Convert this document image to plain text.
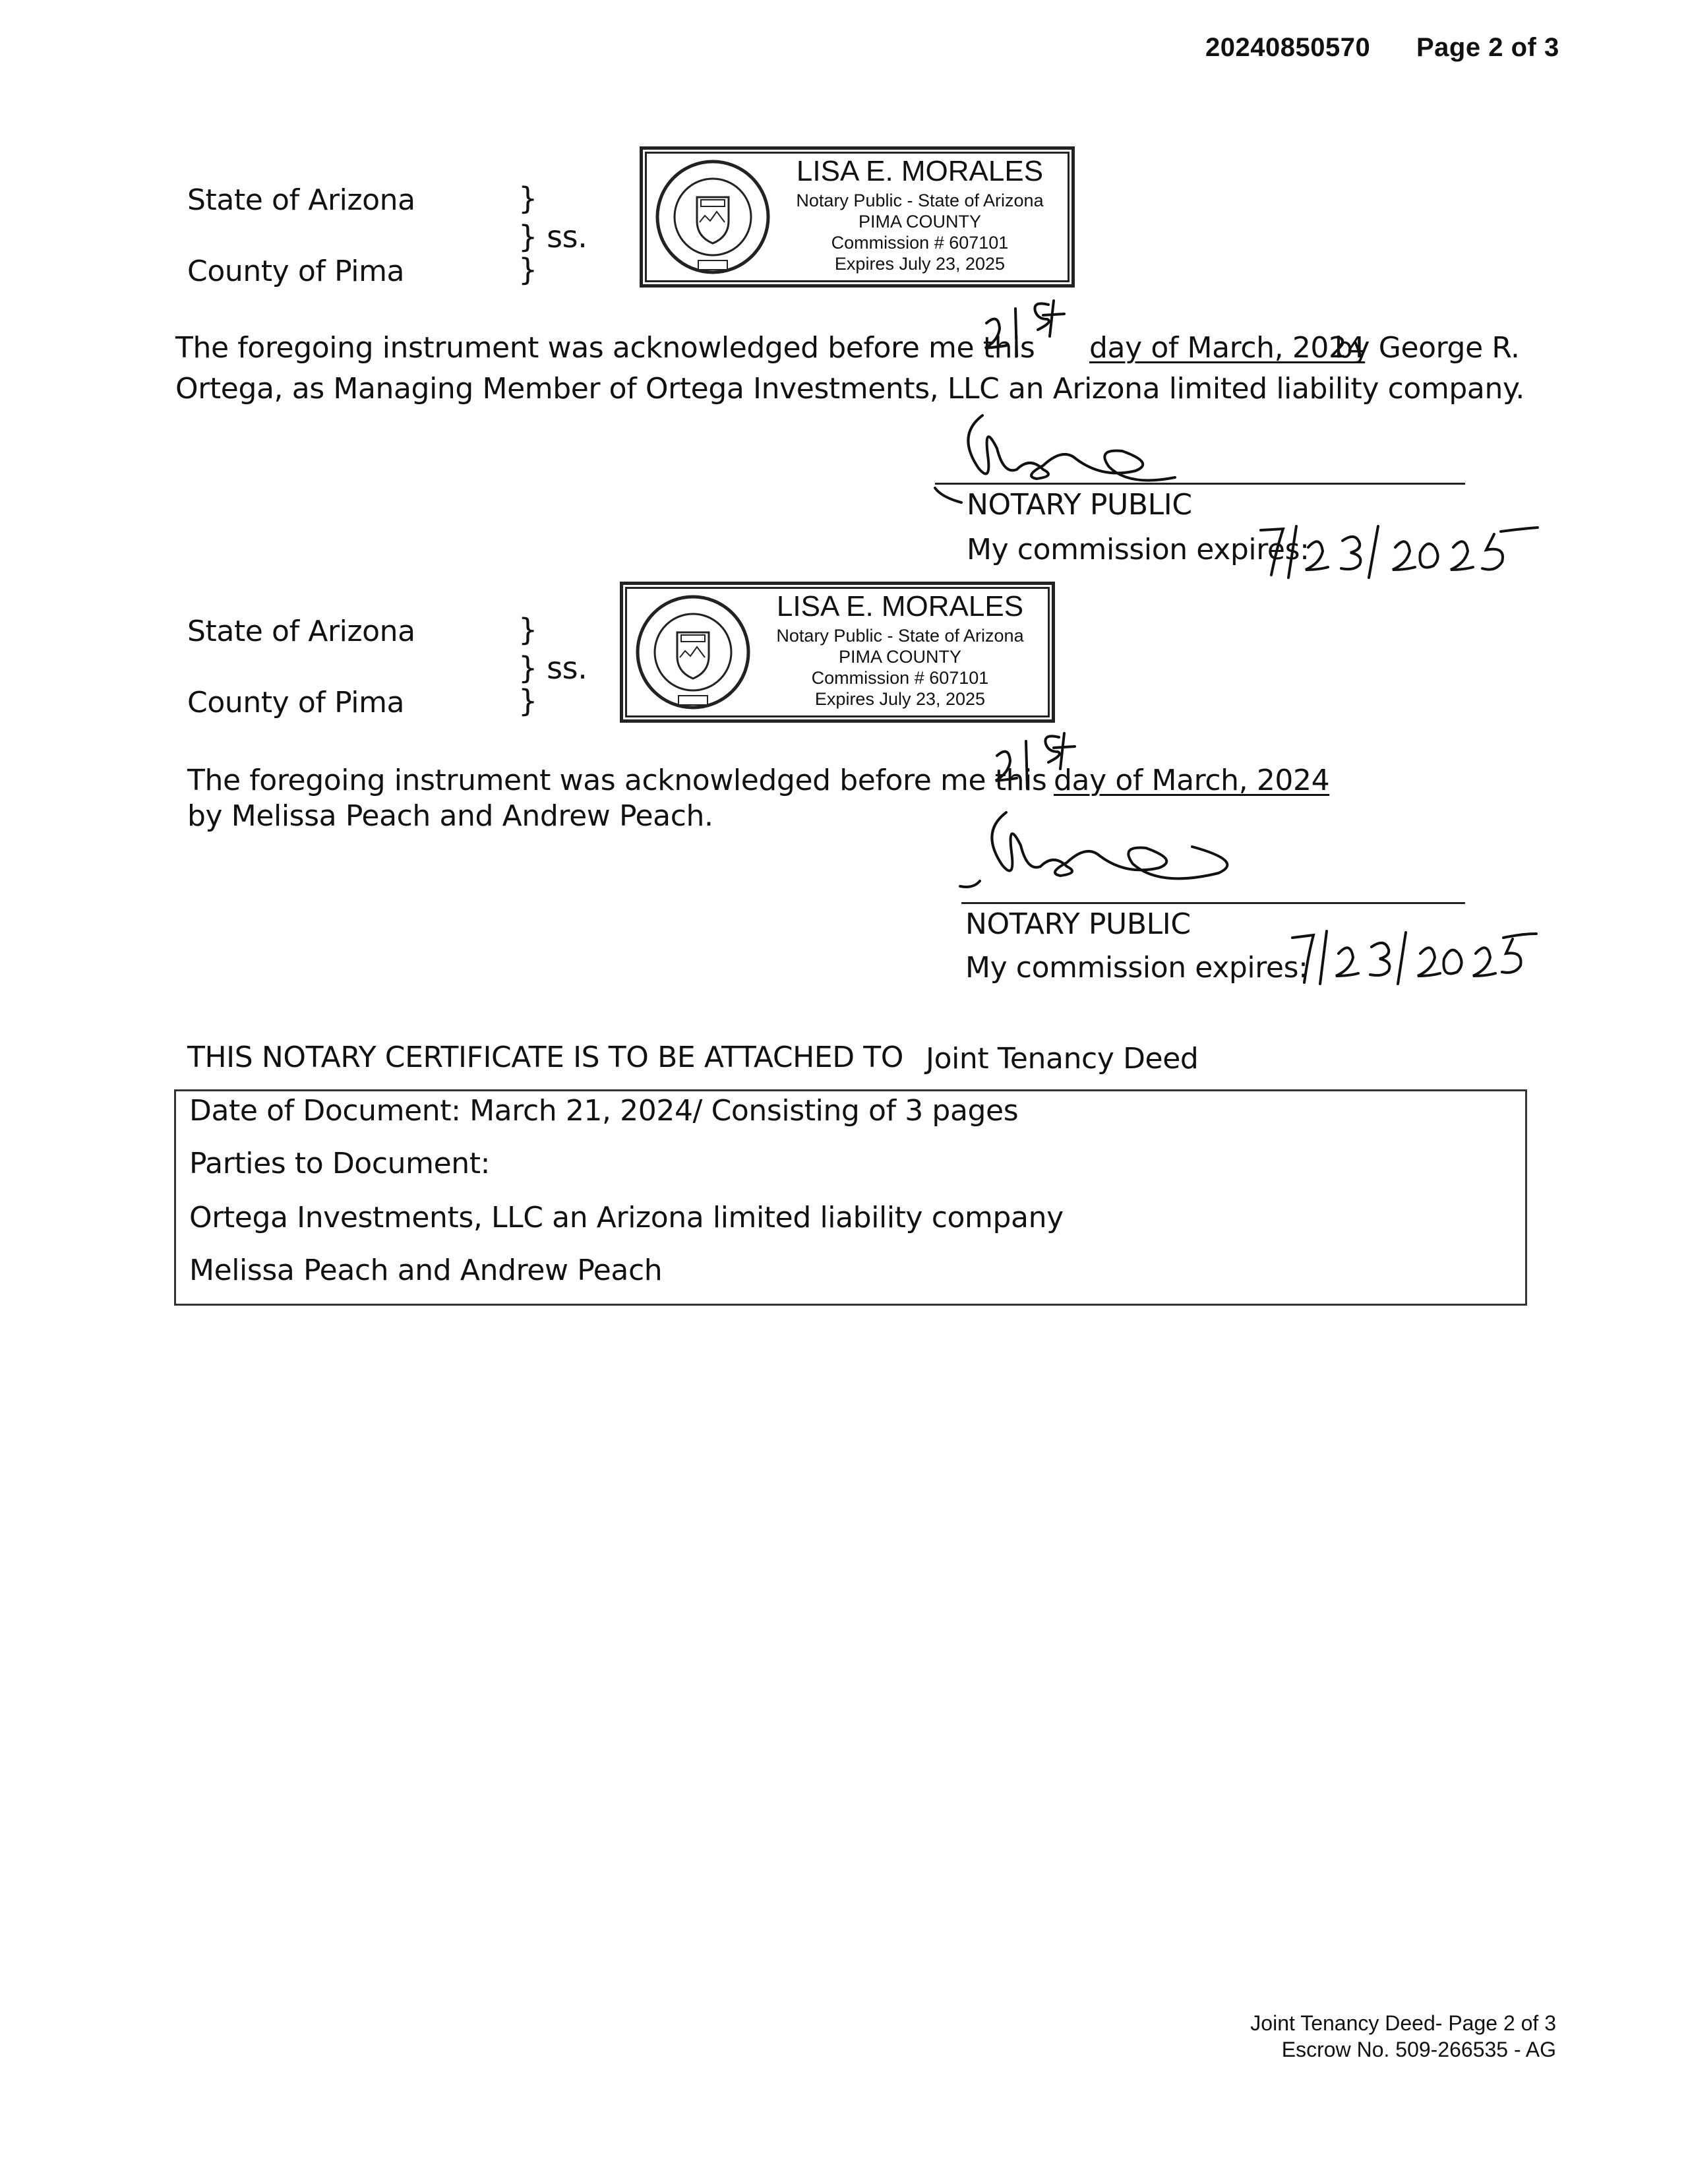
20240850570 Page 2 of 3
State of Arizona	}
} ss.
County of Pima	}
LISA E. MORALES
Notary Public - State of Arizona
PIMA COUNTY
Commission # 607101
Expires July 23, 2025
The foregoing instrument was acknowledged before me this day of March, 2024
by George R.
Ortega, as Managing Member of Ortega Investments, LLC an Arizona limited liability company.
NOTARY PUBLIC
My commission expires:
State of Arizona	}
} ss.
County of Pima	}
LISA E. MORALES
Notary Public - State of Arizona
PIMA COUNTY
Commission # 607101
Expires July 23, 2025
The foregoing instrument was acknowledged before me this day of March, 2024
by Melissa Peach and Andrew Peach.
NOTARY PUBLIC
My commission expires:
THIS NOTARY CERTIFICATE IS TO BE ATTACHED TO Joint Tenancy Deed
Date of Document: March 21, 2024/ Consisting of 3 pages
Parties to Document:
Ortega Investments, LLC an Arizona limited liability company
Melissa Peach and Andrew Peach
Joint Tenancy Deed- Page 2 of 3
Escrow No. 509-266535 - AG
